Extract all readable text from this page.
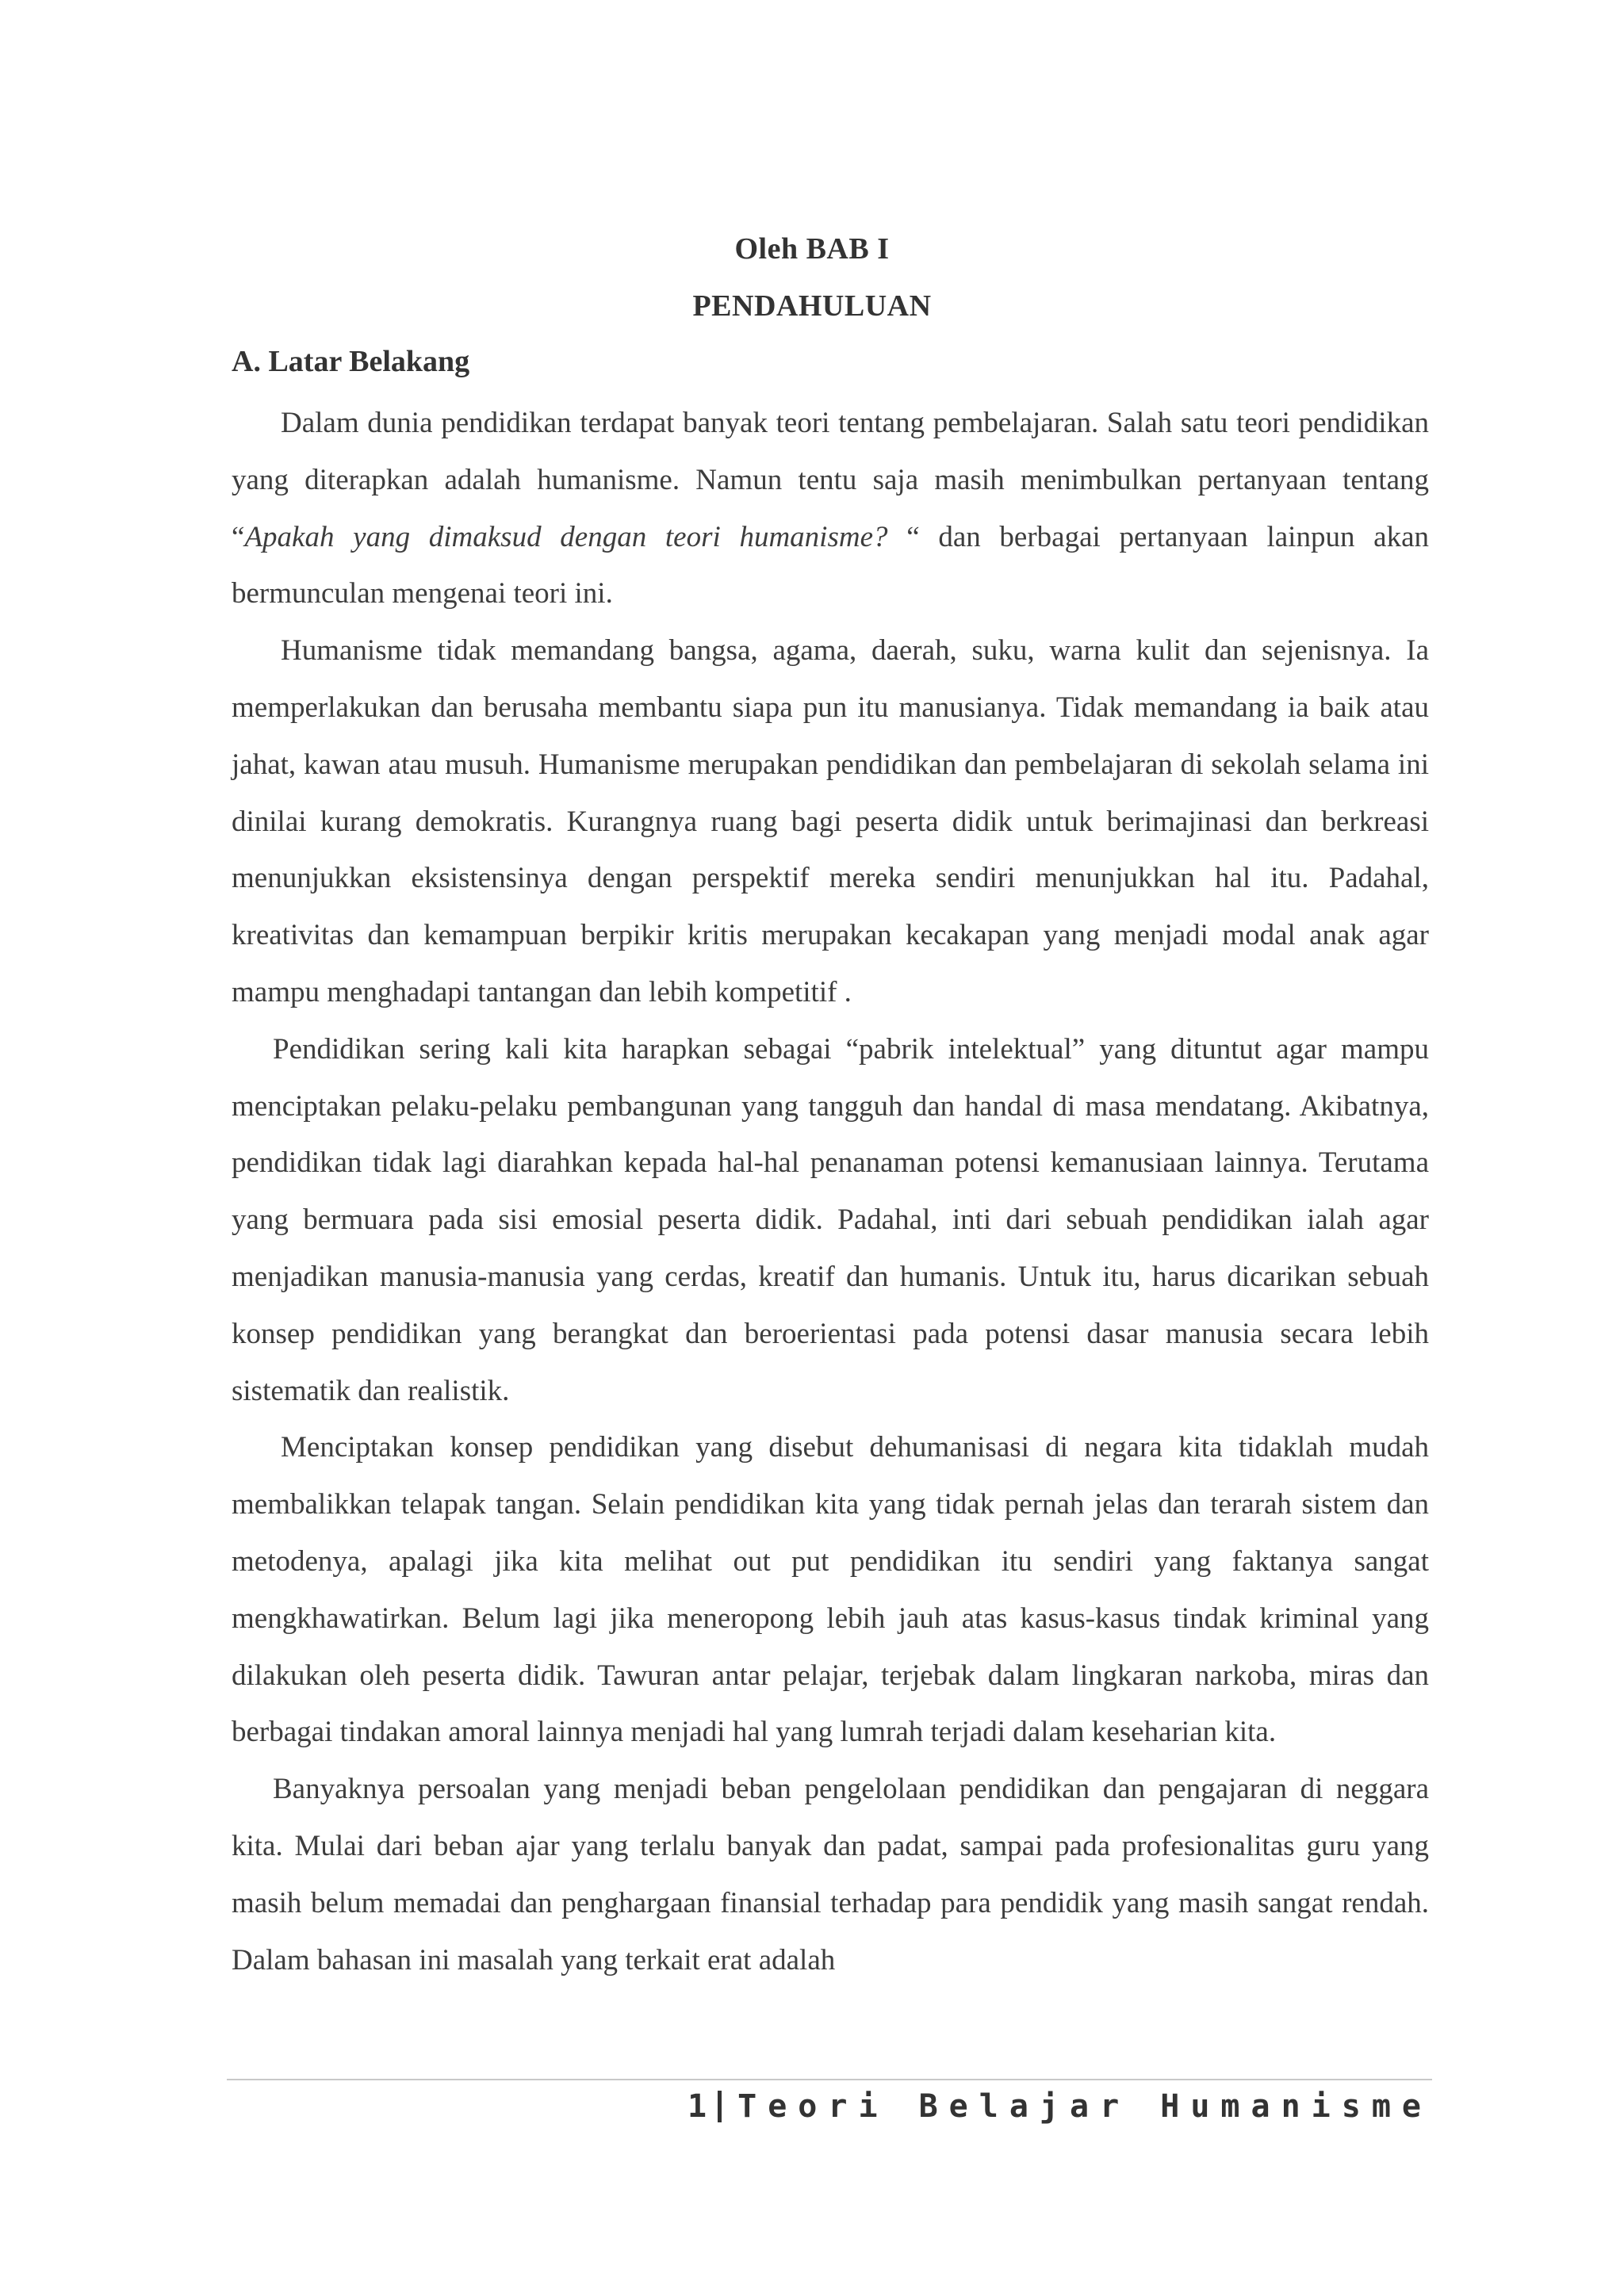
Oleh BAB I
PENDAHULUAN
A. Latar Belakang

Dalam dunia pendidikan terdapat banyak teori tentang pembelajaran. Salah satu teori pendidikan yang diterapkan adalah humanisme. Namun tentu saja masih menimbulkan pertanyaan tentang “Apakah yang dimaksud dengan teori humanisme? “ dan berbagai pertanyaan lainpun akan bermunculan mengenai teori ini.

Humanisme tidak memandang bangsa, agama, daerah, suku, warna kulit dan sejenisnya. Ia memperlakukan dan berusaha membantu siapa pun itu manusianya. Tidak memandang ia baik atau jahat, kawan atau musuh. Humanisme merupakan pendidikan dan pembelajaran di sekolah selama ini dinilai kurang demokratis. Kurangnya ruang bagi peserta didik untuk berimajinasi dan berkreasi menunjukkan eksistensinya dengan perspektif mereka sendiri menunjukkan hal itu. Padahal, kreativitas dan kemampuan berpikir kritis merupakan kecakapan yang menjadi modal anak agar mampu menghadapi tantangan dan lebih kompetitif .

Pendidikan sering kali kita harapkan sebagai “pabrik intelektual” yang dituntut agar mampu menciptakan pelaku-pelaku pembangunan yang tangguh dan handal di masa mendatang. Akibatnya, pendidikan tidak lagi diarahkan kepada hal-hal penanaman potensi kemanusiaan lainnya. Terutama yang bermuara pada sisi emosial peserta didik. Padahal, inti dari sebuah pendidikan ialah agar menjadikan manusia-manusia yang cerdas, kreatif dan humanis. Untuk itu, harus dicarikan sebuah konsep pendidikan yang berangkat dan beroerientasi pada potensi dasar manusia secara lebih sistematik dan realistik.

Menciptakan konsep pendidikan yang disebut dehumanisasi di negara kita tidaklah mudah membalikkan telapak tangan. Selain pendidikan kita yang tidak pernah jelas dan terarah sistem dan metodenya, apalagi jika kita melihat out put pendidikan itu sendiri yang faktanya sangat mengkhawatirkan. Belum lagi jika meneropong lebih jauh atas kasus-kasus tindak kriminal yang dilakukan oleh peserta didik. Tawuran antar pelajar, terjebak dalam lingkaran narkoba, miras dan berbagai tindakan amoral lainnya menjadi hal yang lumrah terjadi dalam keseharian kita.

Banyaknya persoalan yang menjadi beban pengelolaan pendidikan dan pengajaran di neggara kita. Mulai dari beban ajar yang terlalu banyak dan padat, sampai pada profesionalitas guru yang masih belum memadai dan penghargaan finansial terhadap para pendidik yang masih sangat rendah. Dalam bahasan ini masalah yang terkait erat adalah

1 Teori Belajar Humanisme
